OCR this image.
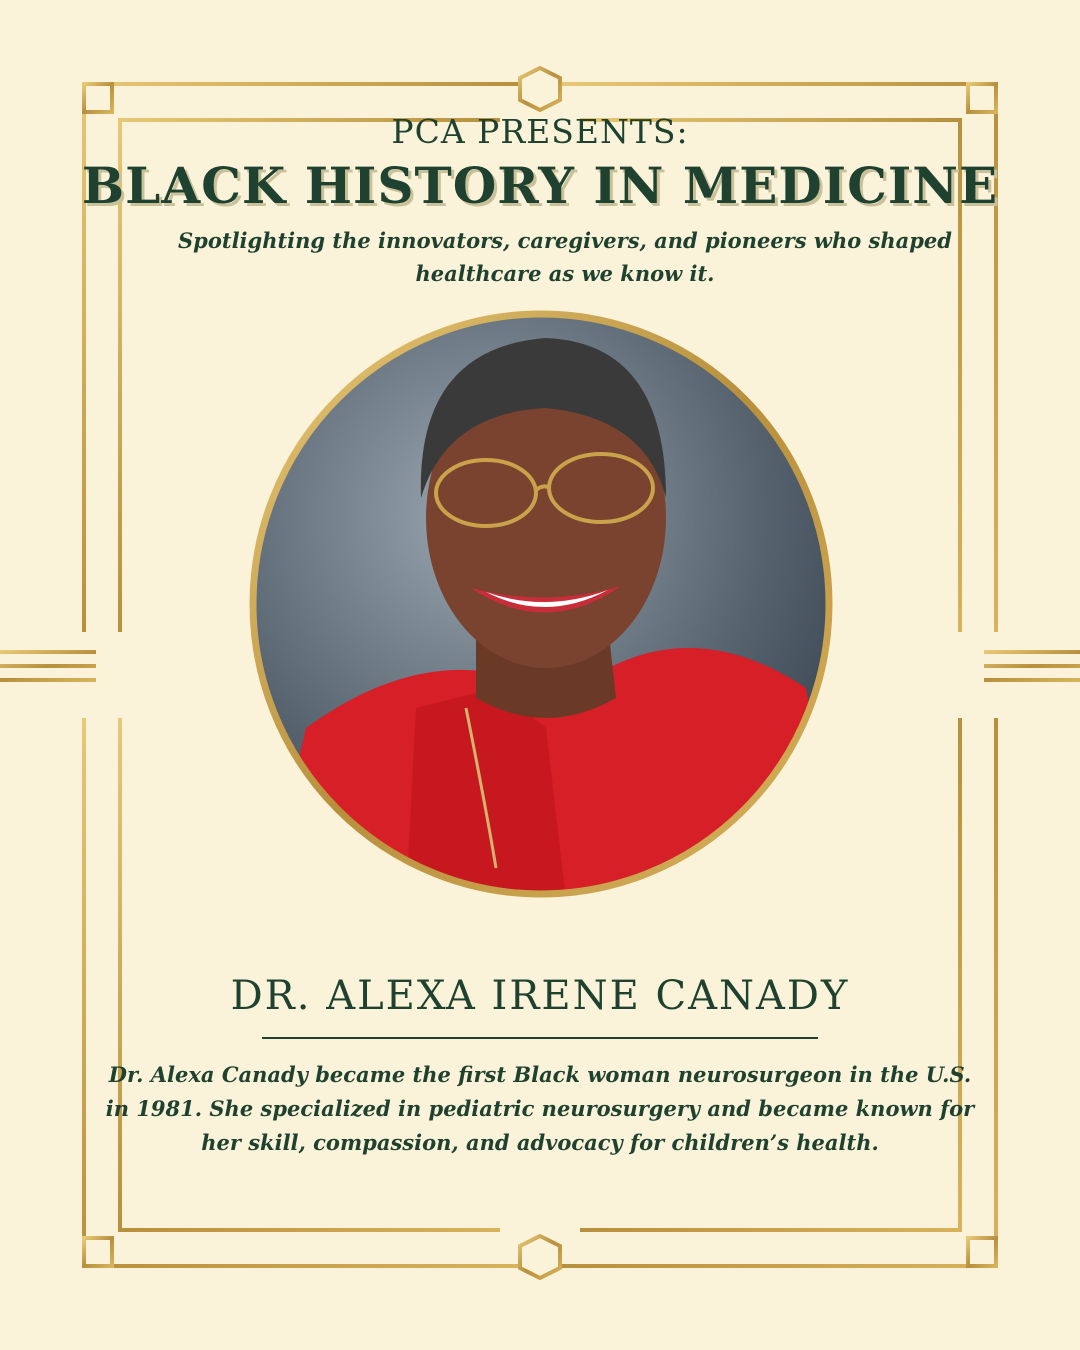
PCA PRESENTS:
BLACK HISTORY IN MEDICINE
Spotlighting the innovators, caregivers, and pioneers who shaped healthcare as we know it.
DR. ALEXA IRENE CANADY
Dr. Alexa Canady became the first Black woman neurosurgeon in the U.S. in 1981. She specialized in pediatric neurosurgery and became known for her skill, compassion, and advocacy for children’s health.
